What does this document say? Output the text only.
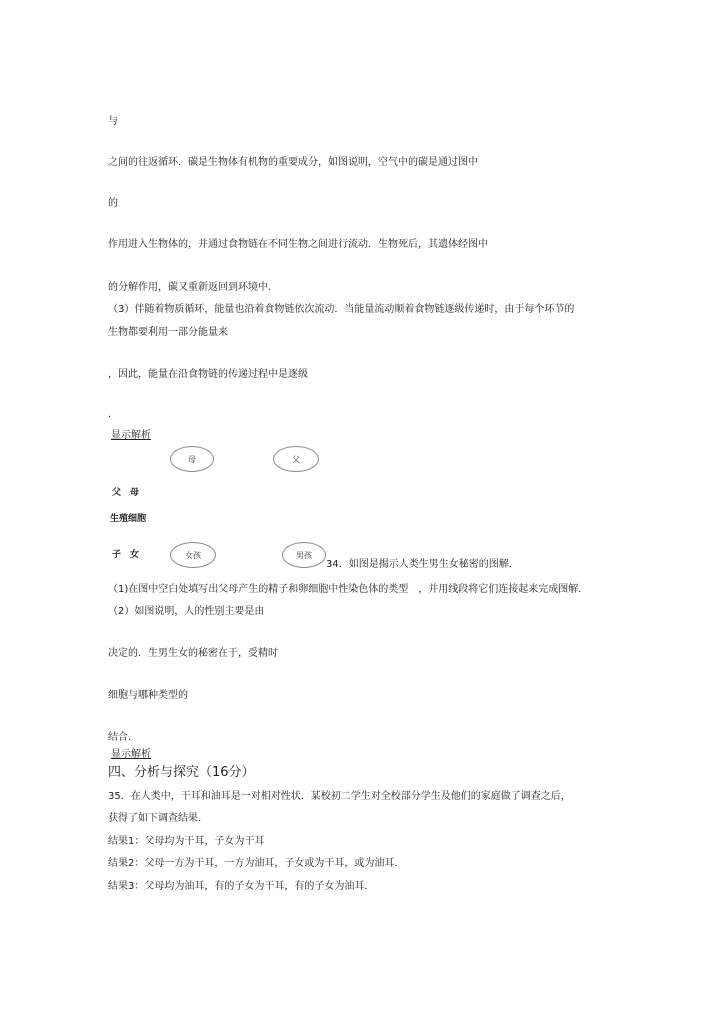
与
之间的往返循环．碳是生物体有机物的重要成分，如图说明，空气中的碳是通过图中
的
作用进入生物体的，并通过食物链在不同生物之间进行流动．生物死后，其遗体经图中
的分解作用，碳又重新返回到环境中．
（3）伴随着物质循环，能量也沿着食物链依次流动．当能量流动顺着食物链逐级传递时，由于每个环节的
生物都要利用一部分能量来
，因此，能量在沿食物链的传递过程中是逐级
．
显示解析
母	父
父　母
生殖细胞
子　女	女孩	男孩
34．如图是揭示人类生男生女秘密的图解．
（1)在图中空白处填写出父母产生的精子和卵细胞中性染色体的类型　，并用线段将它们连接起来完成图解．
（2）如图说明，人的性别主要是由
决定的．生男生女的秘密在于，受精时
细胞与哪种类型的
结合．
显示解析
四、分析与探究（16分）
35．在人类中，干耳和油耳是一对相对性状．某校初二学生对全校部分学生及他们的家庭做了调查之后，
获得了如下调查结果．
结果1：父母均为干耳，子女为干耳
结果2：父母一方为干耳，一方为油耳，子女或为干耳，或为油耳．
结果3：父母均为油耳，有的子女为干耳，有的子女为油耳．
